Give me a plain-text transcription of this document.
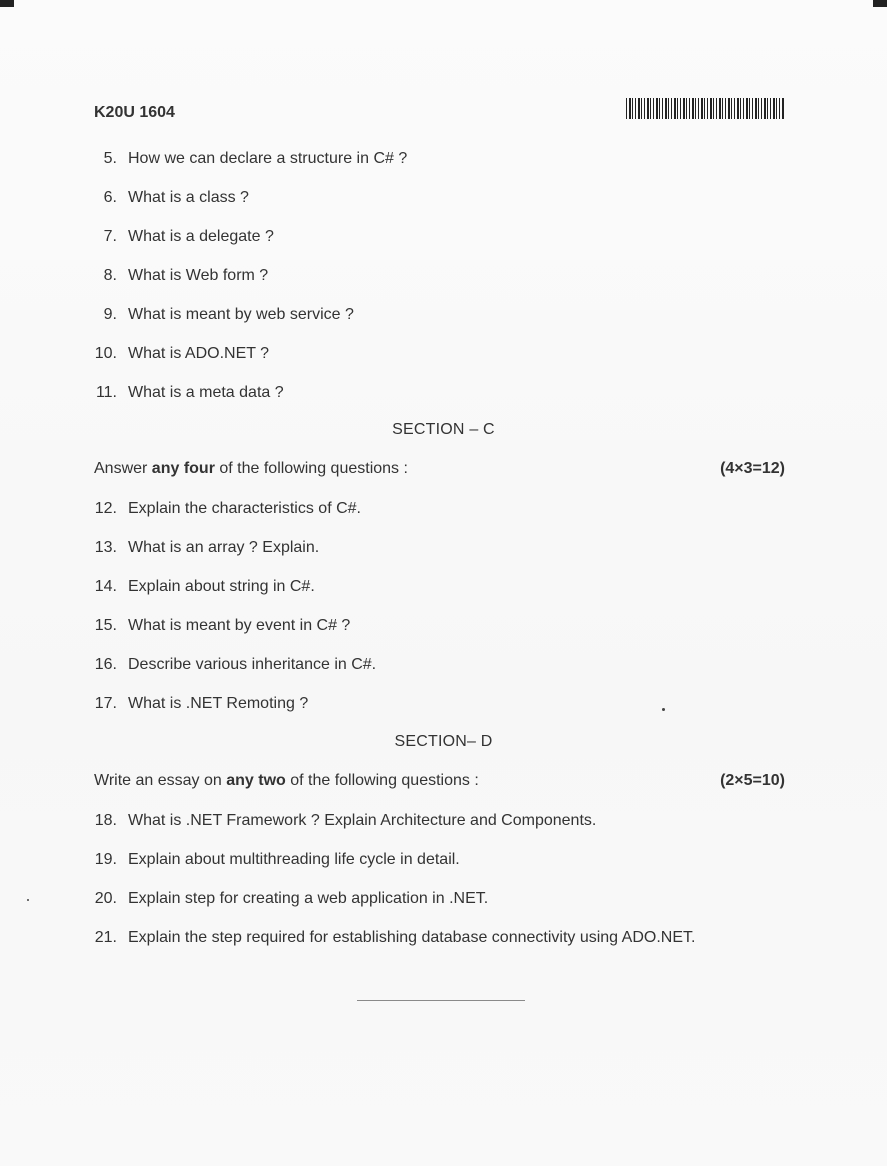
K20U 1604
5. How we can declare a structure in C# ?
6. What is a class ?
7. What is a delegate ?
8. What is Web form ?
9. What is meant by web service ?
10. What is ADO.NET ?
11. What is a meta data ?
SECTION – C
Answer any four of the following questions :	(4×3=12)
12. Explain the characteristics of C#.
13. What is an array ? Explain.
14. Explain about string in C#.
15. What is meant by event in C# ?
16. Describe various inheritance in C#.
17. What is .NET Remoting ?
SECTION– D
Write an essay on any two of the following questions :	(2×5=10)
18. What is .NET Framework ? Explain Architecture and Components.
19. Explain about multithreading life cycle in detail.
20. Explain step for creating a web application in .NET.
21. Explain the step required for establishing database connectivity using ADO.NET.
